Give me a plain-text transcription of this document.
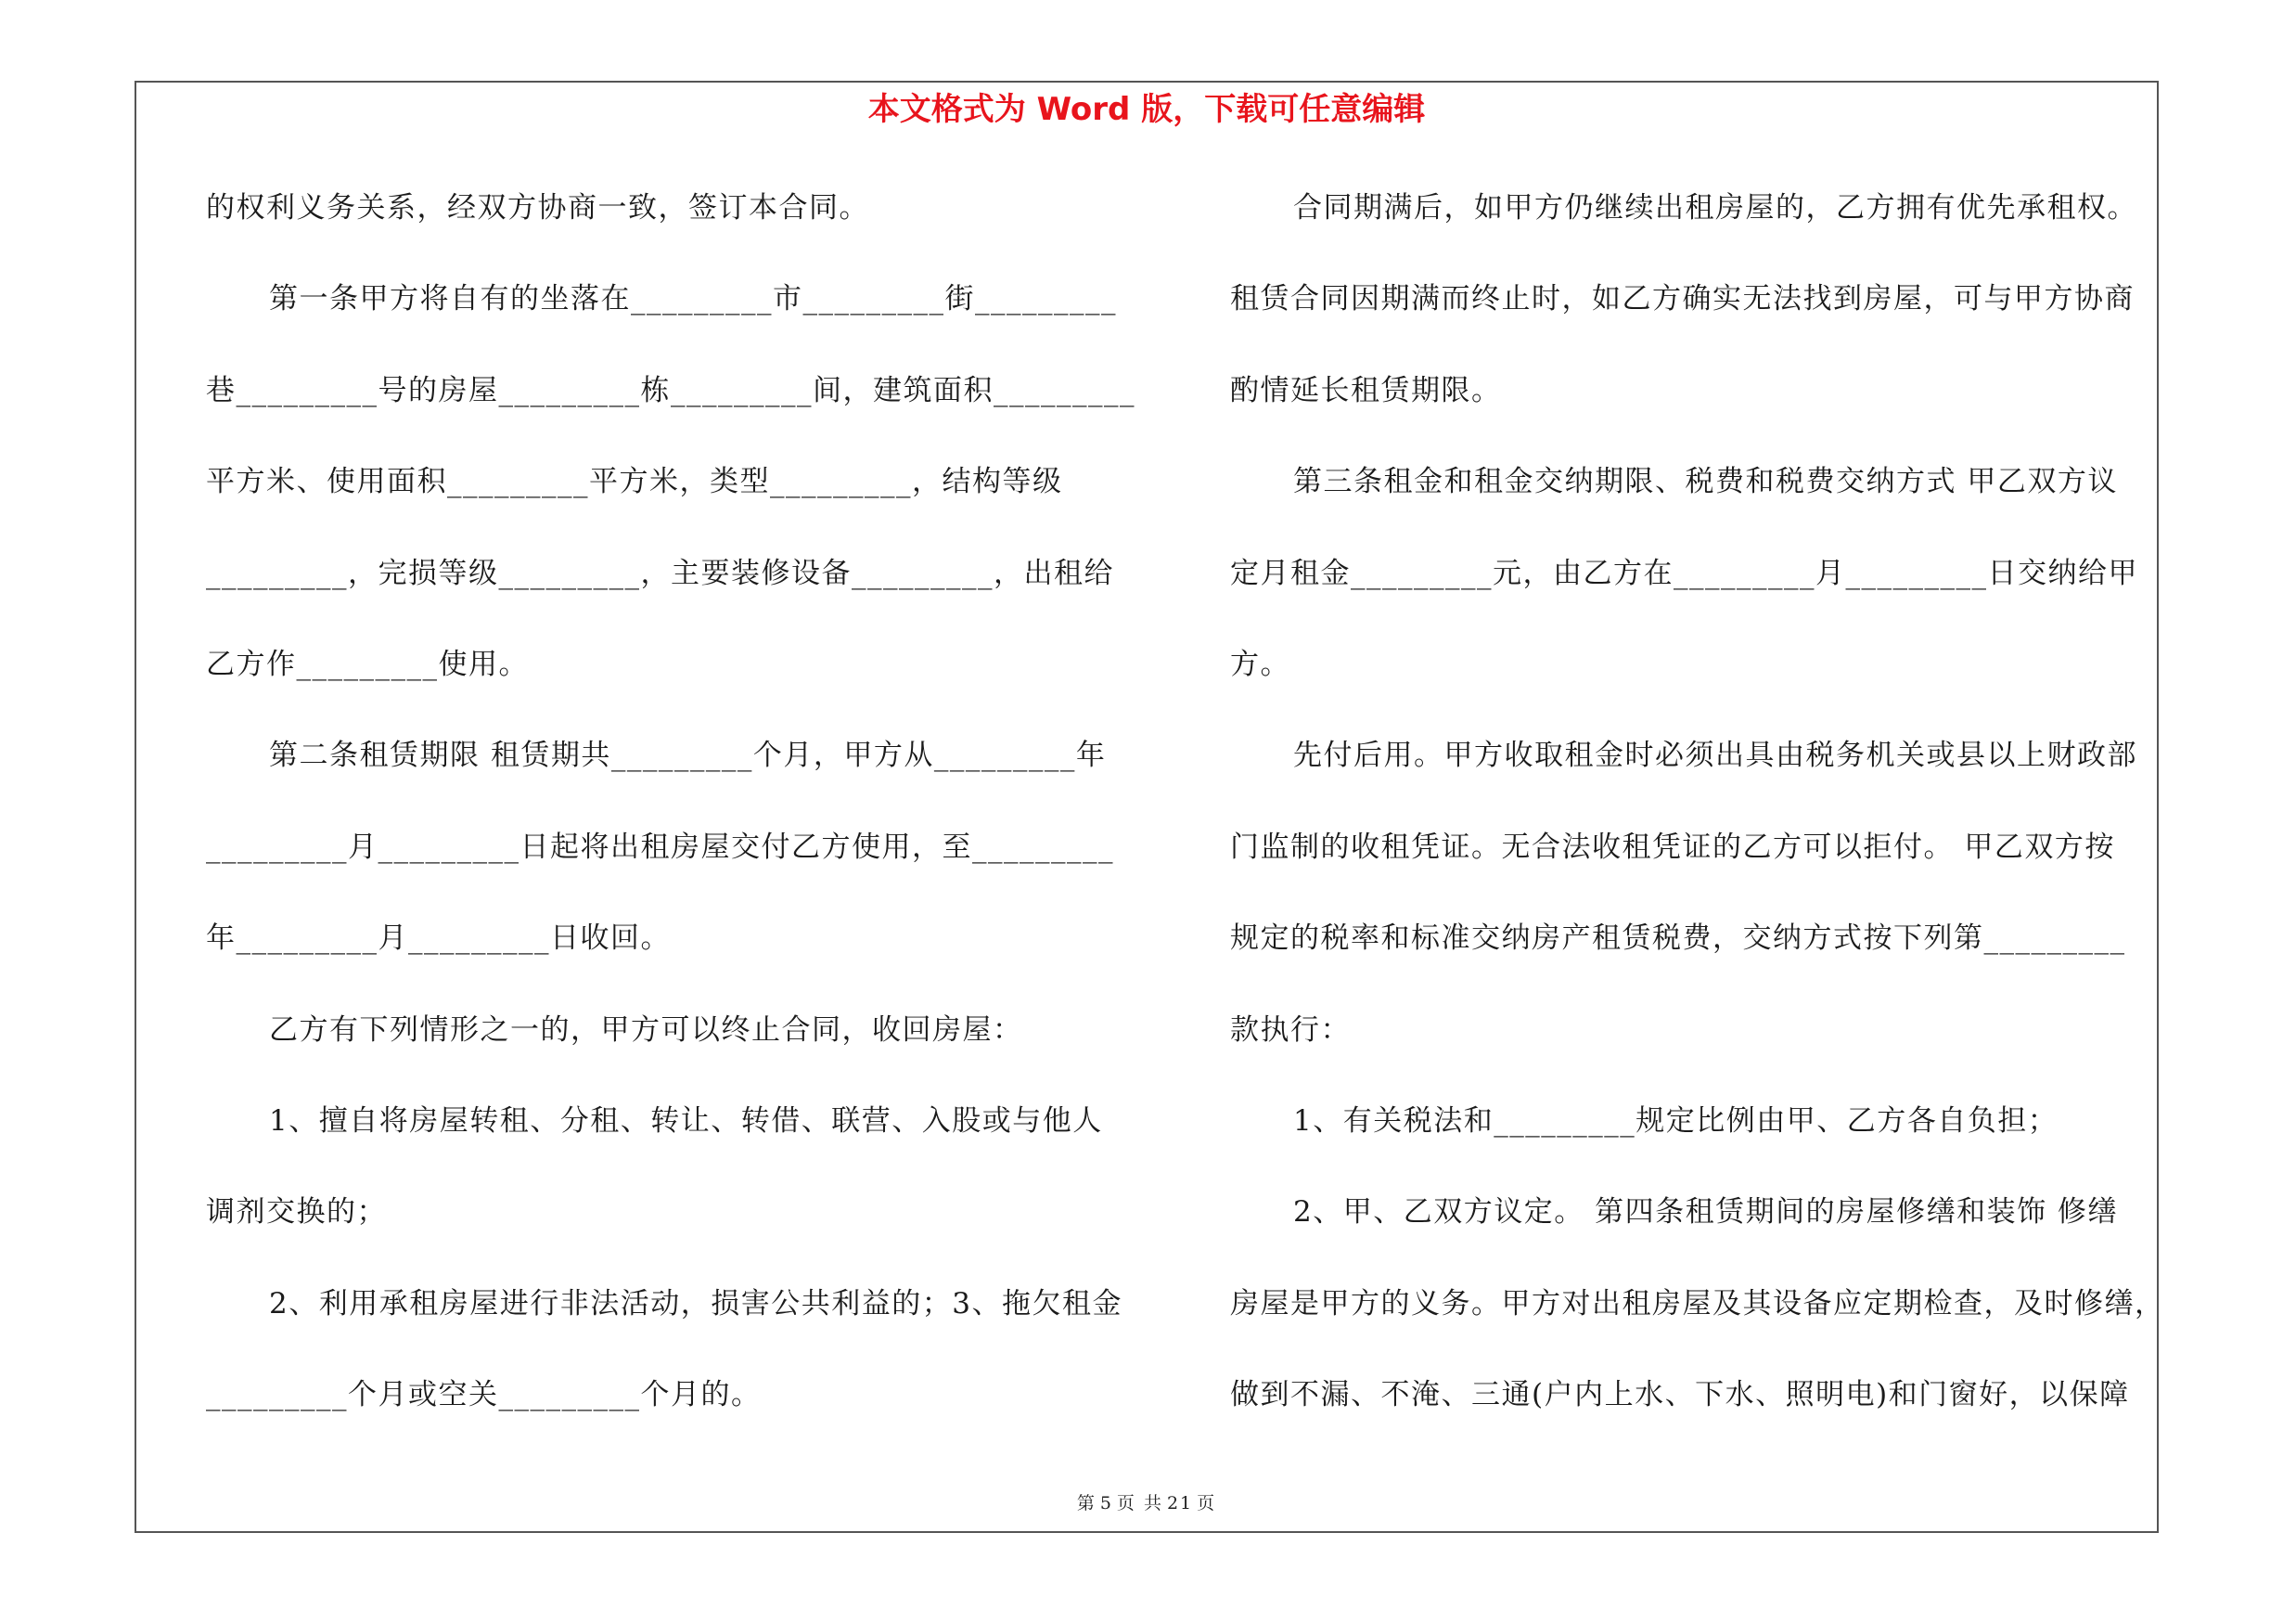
本文格式为 Word 版，下载可任意编辑
的权利义务关系，经双方协商一致，签订本合同。
第一条甲方将自有的坐落在_________市_________街_________
巷_________号的房屋_________栋_________间，建筑面积_________
平方米、使用面积_________平方米，类型_________，结构等级
_________，完损等级_________，主要装修设备_________，出租给
乙方作_________使用。
第二条租赁期限 租赁期共_________个月，甲方从_________年
_________月_________日起将出租房屋交付乙方使用，至_________
年_________月_________日收回。
乙方有下列情形之一的，甲方可以终止合同，收回房屋：
1、擅自将房屋转租、分租、转让、转借、联营、入股或与他人
调剂交换的；
2、利用承租房屋进行非法活动，损害公共利益的；3、拖欠租金
_________个月或空关_________个月的。
合同期满后，如甲方仍继续出租房屋的，乙方拥有优先承租权。
租赁合同因期满而终止时，如乙方确实无法找到房屋，可与甲方协商
酌情延长租赁期限。
第三条租金和租金交纳期限、税费和税费交纳方式 甲乙双方议
定月租金_________元，由乙方在_________月_________日交纳给甲
方。
先付后用。甲方收取租金时必须出具由税务机关或县以上财政部
门监制的收租凭证。无合法收租凭证的乙方可以拒付。 甲乙双方按
规定的税率和标准交纳房产租赁税费，交纳方式按下列第_________
款执行：
1、有关税法和_________规定比例由甲、乙方各自负担；
2、甲、乙双方议定。 第四条租赁期间的房屋修缮和装饰 修缮
房屋是甲方的义务。甲方对出租房屋及其设备应定期检查，及时修缮，
做到不漏、不淹、三通(户内上水、下水、照明电)和门窗好，以保障
第 5 页 共 21 页
